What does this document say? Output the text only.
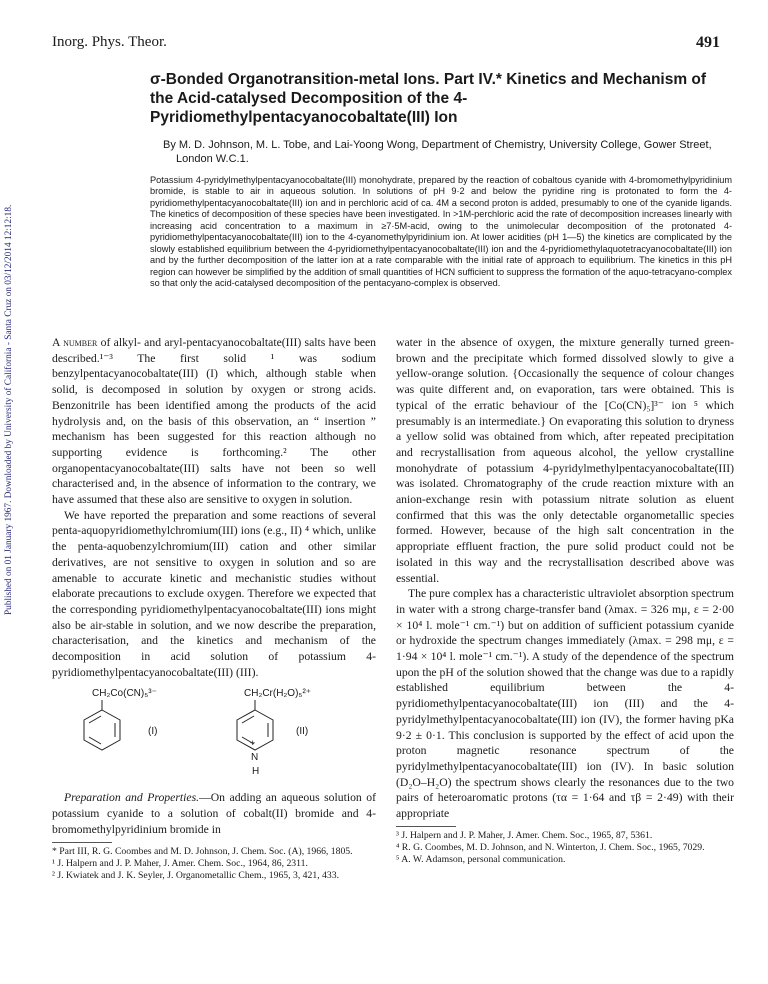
Inorg. Phys. Theor.	491
Published on 01 January 1967. Downloaded by University of California - Santa Cruz on 03/12/2014 12:12:18.
σ-Bonded Organotransition-metal Ions. Part IV.* Kinetics and Mechanism of the Acid-catalysed Decomposition of the 4-Pyridiomethylpentacyanocobaltate(III) Ion
By M. D. Johnson, M. L. Tobe, and Lai-Yoong Wong, Department of Chemistry, University College, Gower Street, London W.C.1.
Potassium 4-pyridylmethylpentacyanocobaltate(III) monohydrate, prepared by the reaction of cobaltous cyanide with 4-bromomethylpyridinium bromide, is stable to air in aqueous solution. In solutions of pH 9·2 and below the pyridine ring is protonated to form the 4-pyridiomethylpentacyanocobaltate(III) ion and in perchloric acid of ca. 4M a second proton is added, presumably to one of the cyanide ligands. The kinetics of decomposition of these species have been investigated. In >1M-perchloric acid the rate of decomposition increases linearly with increasing acid concentration to a maximum in ≥7·5M-acid, owing to the unimolecular decomposition of the protonated 4-pyridiomethylpentacyanocobaltate(III) ion to the 4-cyanomethylpyridinium ion. At lower acidities (pH 1—5) the kinetics are complicated by the slowly established equilibrium between the 4-pyridiomethylpentacyanocobaltate(III) ion and the 4-pyridiomethylaquotetracyanocobaltate(III) ion and by the further decomposition of the latter ion at a rate comparable with the initial rate of approach to equilibrium. The kinetics in this pH region can however be simplified by the addition of small quantities of HCN sufficient to suppress the formation of the aquo-tetracyano-complex so that only the acid-catalysed decomposition of the pentacyano-complex is observed.

A number of alkyl- and aryl-pentacyanocobaltate(III) salts have been described.¹⁻³ The first solid ¹ was sodium benzylpentacyanocobaltate(III) (I) which, although stable when solid, is decomposed in solution by oxygen or strong acids. Benzonitrile has been identified among the products of the acid hydrolysis and, on the basis of this observation, an “ insertion ” mechanism has been suggested for this reaction although no supporting evidence is forthcoming.² The other organopentacyanocobaltate(III) salts have not been so well characterised and, in the absence of information to the contrary, we have assumed that these also are sensitive to oxygen in solution.

We have reported the preparation and some reactions of several penta-aquopyridiomethylchromium(III) ions (e.g., II) ⁴ which, unlike the penta-aquobenzylchromium(III) cation and other similar derivatives, are not sensitive to oxygen in solution and so are amenable to accurate kinetic and mechanistic studies without elaborate precautions to exclude oxygen. Therefore we expected that the corresponding pyridiomethylpentacyanocobaltate(III) ions might also be air-stable in solution, and we now describe the preparation, characterisation, and the kinetics and mechanism of the decomposition in acid solution of potassium 4-pyridiomethylpentacyanocobaltate(III) (III).

CH₂Co(CN)₅³⁻
(I)
CH₂Cr(H₂O)₅²⁺
+
N
H
(II)

Preparation and Properties.—On adding an aqueous solution of potassium cyanide to a solution of cobalt(II) bromide and 4-bromomethylpyridinium bromide in

* Part III, R. G. Coombes and M. D. Johnson, J. Chem. Soc. (A), 1966, 1805.

¹ J. Halpern and J. P. Maher, J. Amer. Chem. Soc., 1964, 86, 2311.

² J. Kwiatek and J. K. Seyler, J. Organometallic Chem., 1965, 3, 421, 433.

water in the absence of oxygen, the mixture generally turned green-brown and the precipitate which formed dissolved slowly to give a yellow-orange solution. {Occasionally the sequence of colour changes was quite different and, on evaporation, tars were obtained. This is typical of the erratic behaviour of the [Co(CN)₅]³⁻ ion ⁵ which presumably is an intermediate.} On evaporating this solution to dryness a yellow solid was obtained from which, after repeated precipitation and recrystallisation from aqueous alcohol, the yellow crystalline monohydrate of potassium 4-pyridylmethylpentacyanocobaltate(III) was isolated. Chromatography of the crude reaction mixture with an anion-exchange resin with potassium nitrate solution as eluent confirmed that this was the only detectable organometallic species formed. However, because of the high salt concentration in the appropriate effluent fraction, the pure solid product could not be isolated in this way and the recrystallisation described above was essential.

The pure complex has a characteristic ultraviolet absorption spectrum in water with a strong charge-transfer band (λmax. = 326 mμ, ε = 2·00 × 10⁴ l. mole⁻¹ cm.⁻¹) but on addition of sufficient potassium cyanide or hydroxide the spectrum changes immediately (λmax. = 298 mμ, ε = 1·94 × 10⁴ l. mole⁻¹ cm.⁻¹). A study of the dependence of the spectrum upon the pH of the solution showed that the change was due to a rapidly established equilibrium between the 4-pyridiomethylpentacyanocobaltate(III) ion (III) and the 4-pyridylmethylpentacyanocobaltate(III) ion (IV), the former having pKa 9·2 ± 0·1. This conclusion is supported by the effect of acid upon the proton magnetic resonance spectrum of the pyridylmethylpentacyanocobaltate(III) ion (IV). In basic solution (D₂O–H₂O) the spectrum shows clearly the resonances due to the two pairs of heteroaromatic protons (τα = 1·64 and τβ = 2·49) with their appropriate

³ J. Halpern and J. P. Maher, J. Amer. Chem. Soc., 1965, 87, 5361.

⁴ R. G. Coombes, M. D. Johnson, and N. Winterton, J. Chem. Soc., 1965, 7029.

⁵ A. W. Adamson, personal communication.
